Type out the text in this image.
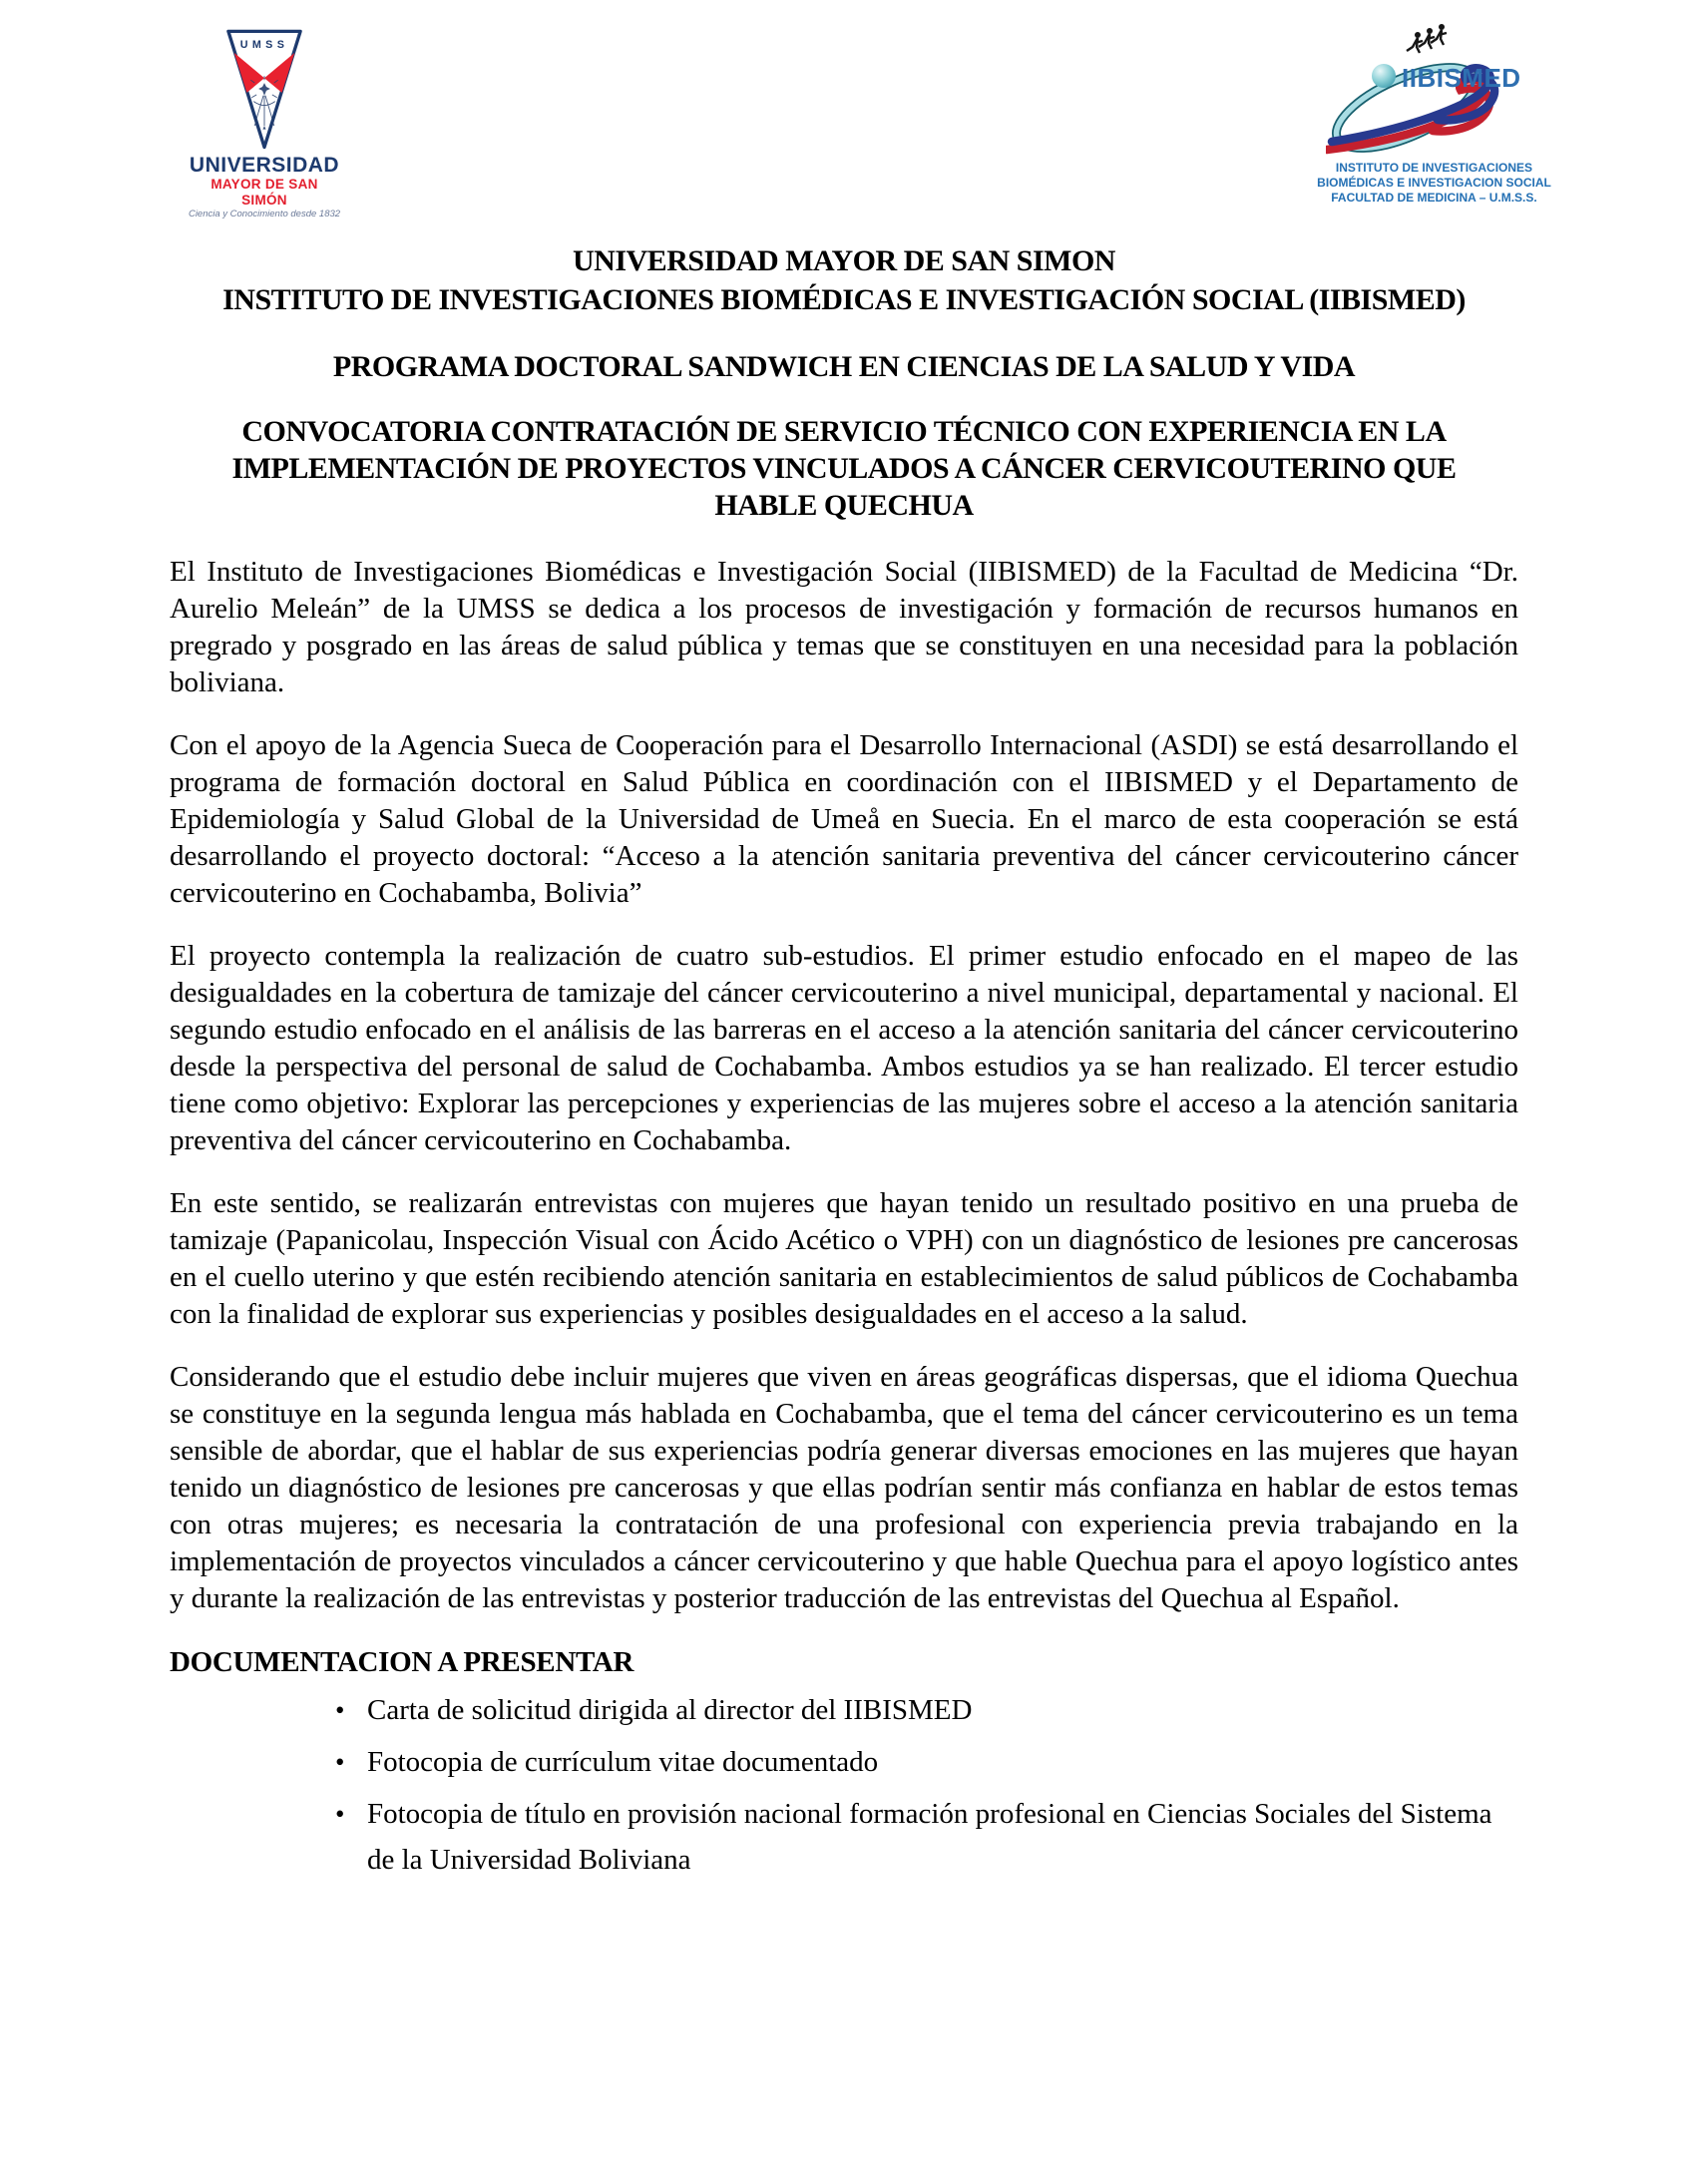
UMSS
UNIVERSIDAD
MAYOR DE SAN SIMÓN
Ciencia y Conocimiento desde 1832
IIBISMED
INSTITUTO DE INVESTIGACIONES
BIOMÉDICAS E INVESTIGACION SOCIAL
FACULTAD DE MEDICINA – U.M.S.S.
UNIVERSIDAD MAYOR DE SAN SIMON
INSTITUTO DE INVESTIGACIONES BIOMÉDICAS E INVESTIGACIÓN SOCIAL (IIBISMED)
PROGRAMA DOCTORAL SANDWICH EN CIENCIAS DE LA SALUD Y VIDA
CONVOCATORIA CONTRATACIÓN DE SERVICIO TÉCNICO CON EXPERIENCIA EN LA
IMPLEMENTACIÓN DE PROYECTOS VINCULADOS A CÁNCER CERVICOUTERINO QUE
HABLE QUECHUA

El Instituto de Investigaciones Biomédicas e Investigación Social (IIBISMED) de la Facultad de Medicina “Dr. Aurelio Meleán” de la UMSS se dedica a los procesos de investigación y formación de recursos humanos en pregrado y posgrado en las áreas de salud pública y temas que se constituyen en una necesidad para la población boliviana.

Con el apoyo de la Agencia Sueca de Cooperación para el Desarrollo Internacional (ASDI) se está desarrollando el programa de formación doctoral en Salud Pública en coordinación con el IIBISMED y el Departamento de Epidemiología y Salud Global de la Universidad de Umeå en Suecia. En el marco de esta cooperación se está desarrollando el proyecto doctoral: “Acceso a la atención sanitaria preventiva del cáncer cervicouterino cáncer cervicouterino en Cochabamba, Bolivia”

El proyecto contempla la realización de cuatro sub-estudios. El primer estudio enfocado en el mapeo de las desigualdades en la cobertura de tamizaje del cáncer cervicouterino a nivel municipal, departamental y nacional. El segundo estudio enfocado en el análisis de las barreras en el acceso a la atención sanitaria del cáncer cervicouterino desde la perspectiva del personal de salud de Cochabamba. Ambos estudios ya se han realizado. El tercer estudio tiene como objetivo: Explorar las percepciones y experiencias de las mujeres sobre el acceso a la atención sanitaria preventiva del cáncer cervicouterino en Cochabamba.

En este sentido, se realizarán entrevistas con mujeres que hayan tenido un resultado positivo en una prueba de tamizaje (Papanicolau, Inspección Visual con Ácido Acético o VPH) con un diagnóstico de lesiones pre cancerosas en el cuello uterino y que estén recibiendo atención sanitaria en establecimientos de salud públicos de Cochabamba con la finalidad de explorar sus experiencias y posibles desigualdades en el acceso a la salud.

Considerando que el estudio debe incluir mujeres que viven en áreas geográficas dispersas, que el idioma Quechua se constituye en la segunda lengua más hablada en Cochabamba, que el tema del cáncer cervicouterino es un tema sensible de abordar, que el hablar de sus experiencias podría generar diversas emociones en las mujeres que hayan tenido un diagnóstico de lesiones pre cancerosas y que ellas podrían sentir más confianza en hablar de estos temas con otras mujeres; es necesaria la contratación de una profesional con experiencia previa trabajando en la implementación de proyectos vinculados a cáncer cervicouterino y que hable Quechua para el apoyo logístico antes y durante la realización de las entrevistas y posterior traducción de las entrevistas del Quechua al Español.

DOCUMENTACION A PRESENTAR
• Carta de solicitud dirigida al director del IIBISMED
• Fotocopia de currículum vitae documentado
• Fotocopia de título en provisión nacional formación profesional en Ciencias Sociales del Sistema de la Universidad Boliviana
